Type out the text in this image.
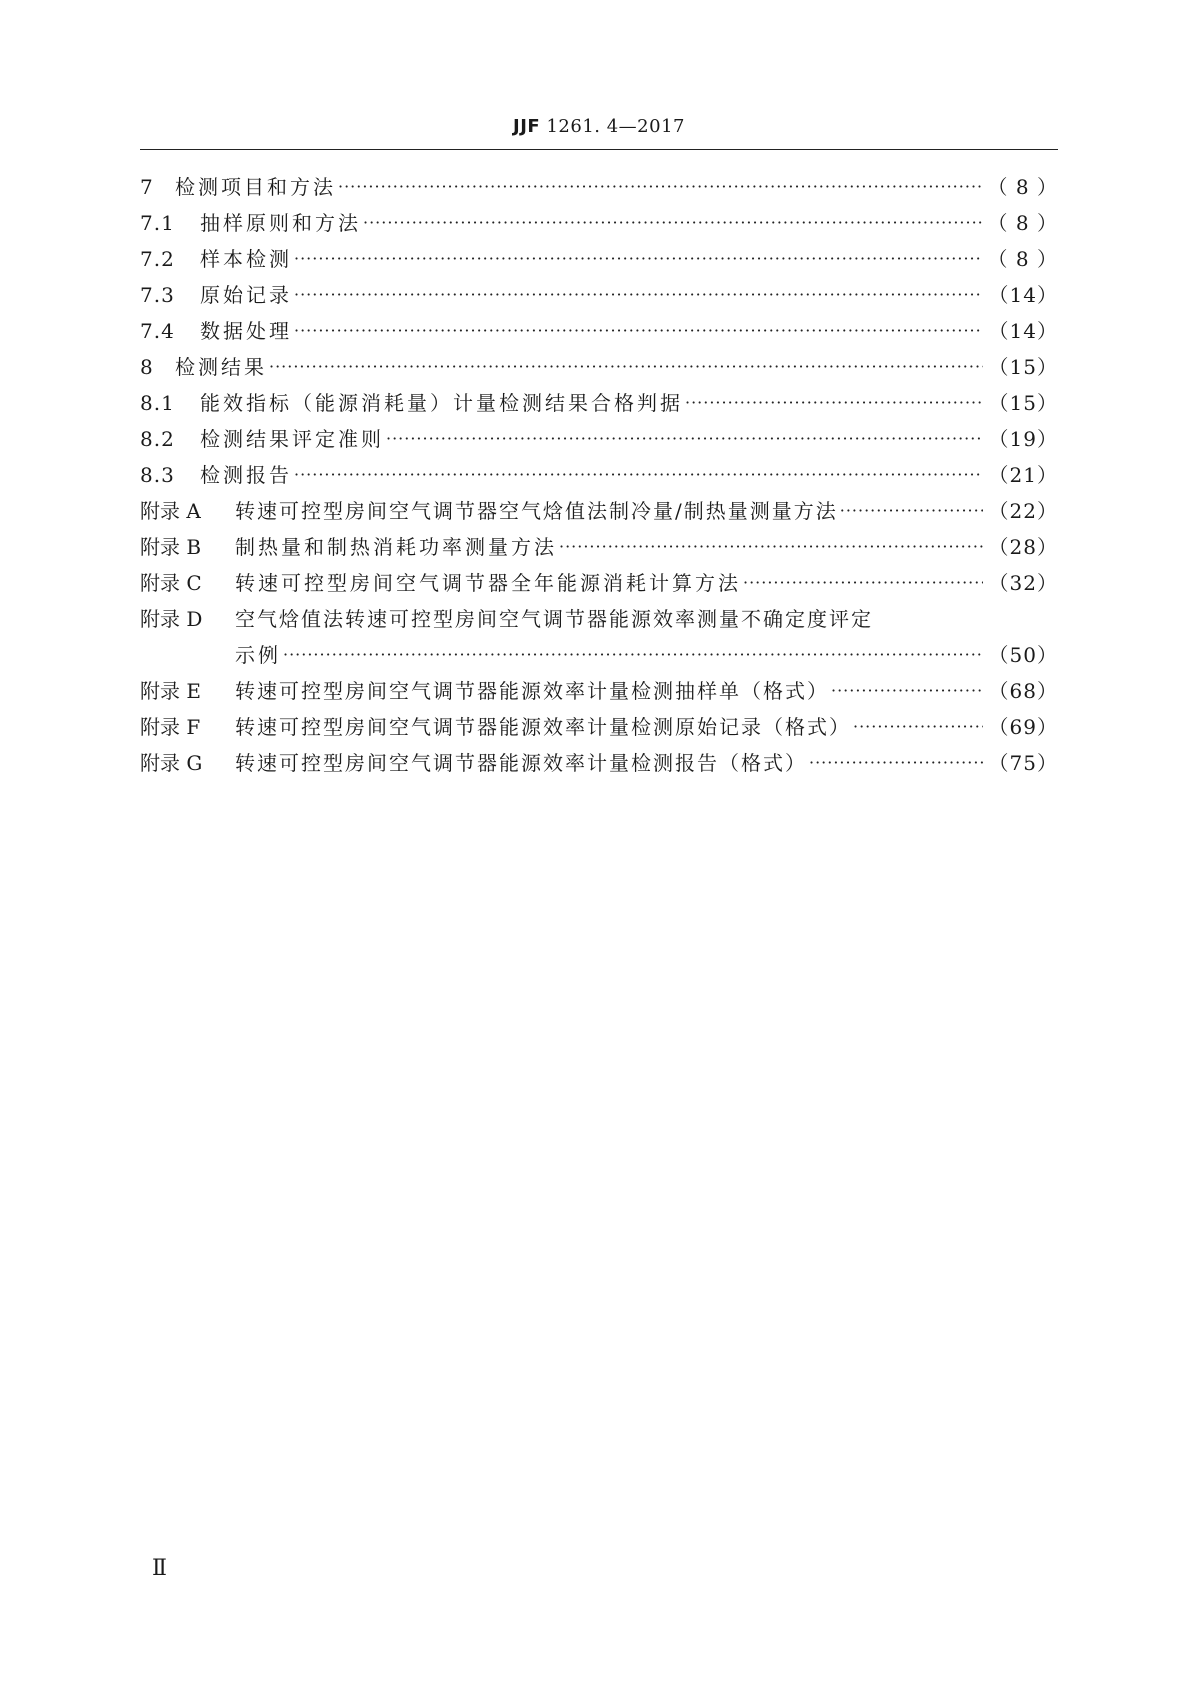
JJF 1261. 4—2017
7	检测项目和方法 ·····	（ 8 ）
7.1	抽样原则和方法 ·····	（ 8 ）
7.2	样本检测 ·····	（ 8 ）
7.3	原始记录 ·····	（14）
7.4	数据处理 ·····	（14）
8	检测结果 ·····	（15）
8.1	能效指标（能源消耗量）计量检测结果合格判据 ·····	（15）
8.2	检测结果评定准则 ·····	（19）
8.3	检测报告 ·····	（21）
附录 A	转速可控型房间空气调节器空气焓值法制冷量/制热量测量方法 ·····	（22）
附录 B	制热量和制热消耗功率测量方法 ·····	（28）
附录 C	转速可控型房间空气调节器全年能源消耗计算方法 ·····	（32）
附录 D	空气焓值法转速可控型房间空气调节器能源效率测量不确定度评定
示例 ·····	（50）
附录 E	转速可控型房间空气调节器能源效率计量检测抽样单（格式） ·····	（68）
附录 F	转速可控型房间空气调节器能源效率计量检测原始记录（格式） ·····	（69）
附录 G	转速可控型房间空气调节器能源效率计量检测报告（格式） ·····	（75）
Ⅱ
